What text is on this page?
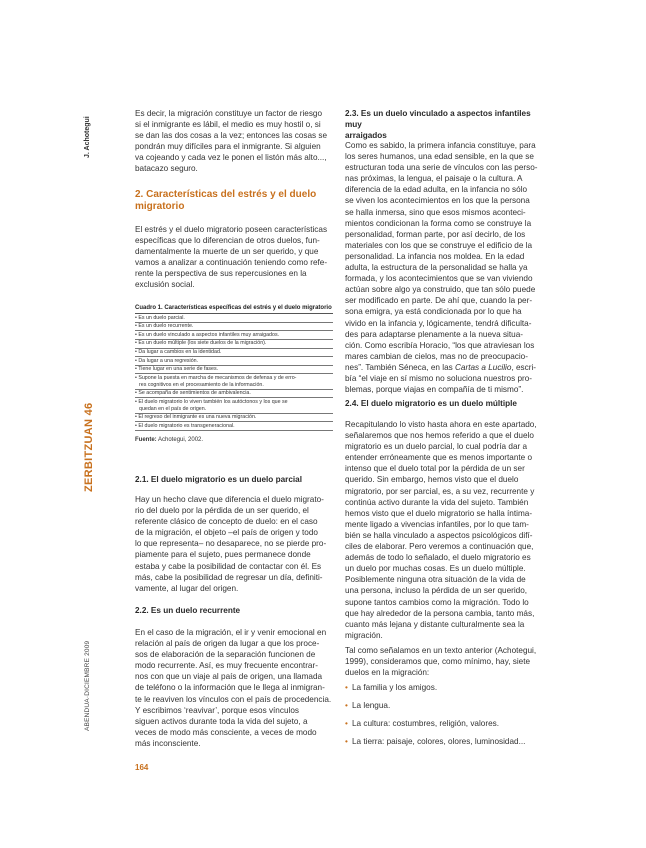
J. Achotegui
ZERBITZUAN 46
ABENDUA·DICIEMBRE 2009

Es decir, la migración constituye un factor de riesgo

si el inmigrante es lábil, el medio es muy hostil o, si

se dan las dos cosas a la vez; entonces las cosas se

pondrán muy difíciles para el inmigrante. Si alguien

va cojeando y cada vez le ponen el listón más alto...,

batacazo seguro.

2. Características del estrés y el duelo

migratorio

El estrés y el duelo migratorio poseen características

específicas que lo diferencian de otros duelos, fun-

damentalmente la muerte de un ser querido, y que

vamos a analizar a continuación teniendo como refe-

rente la perspectiva de sus repercusiones en la

exclusión social.

Cuadro 1. Características específicas del estrés y el duelo migratorio
• Es un duelo parcial.
• Es un duelo recurrente.
• Es un duelo vinculado a aspectos infantiles muy arraigados.
• Es un duelo múltiple (los siete duelos de la migración).
• Da lugar a cambios en la identidad.
• Da lugar a una regresión.
• Tiene lugar en una serie de fases.
• Supone la puesta en marcha de mecanismos de defensa y de erro-
res cognitivos en el procesamiento de la información.
• Se acompaña de sentimientos de ambivalencia.
• El duelo migratorio lo viven también los autóctonos y los que se
quedan en el país de origen.
• El regreso del inmigrante es una nueva migración.
• El duelo migratorio es transgeneracional.
Fuente: Achotegui, 2002.
2.1. El duelo migratorio es un duelo parcial

Hay un hecho clave que diferencia el duelo migrato-

rio del duelo por la pérdida de un ser querido, el

referente clásico de concepto de duelo: en el caso

de la migración, el objeto –el país de origen y todo

lo que representa– no desaparece, no se pierde pro-

piamente para el sujeto, pues permanece donde

estaba y cabe la posibilidad de contactar con él. Es

más, cabe la posibilidad de regresar un día, definiti-

vamente, al lugar del origen.

2.2. Es un duelo recurrente

En el caso de la migración, el ir y venir emocional en

relación al país de origen da lugar a que los proce-

sos de elaboración de la separación funcionen de

modo recurrente. Así, es muy frecuente encontrar-

nos con que un viaje al país de origen, una llamada

de teléfono o la información que le llega al inmigran-

te le reaviven los vínculos con el país de procedencia.

Y escribimos ‘reavivar’, porque esos vínculos

siguen activos durante toda la vida del sujeto, a

veces de modo más consciente, a veces de modo

más inconsciente.

2.3. Es un duelo vinculado a aspectos infantiles muy

arraigados

Como es sabido, la primera infancia constituye, para

los seres humanos, una edad sensible, en la que se

estructuran toda una serie de vínculos con las perso-

nas próximas, la lengua, el paisaje o la cultura. A

diferencia de la edad adulta, en la infancia no sólo

se viven los acontecimientos en los que la persona

se halla inmersa, sino que esos mismos aconteci-

mientos condicionan la forma como se construye la

personalidad, forman parte, por así decirlo, de los

materiales con los que se construye el edificio de la

personalidad. La infancia nos moldea. En la edad

adulta, la estructura de la personalidad se halla ya

formada, y los acontecimientos que se van viviendo

actúan sobre algo ya construido, que tan sólo puede

ser modificado en parte. De ahí que, cuando la per-

sona emigra, ya está condicionada por lo que ha

vivido en la infancia y, lógicamente, tendrá dificulta-

des para adaptarse plenamente a la nueva situa-

ción. Como escribía Horacio, “los que atraviesan los

mares cambian de cielos, mas no de preocupacio-

nes”. También Séneca, en las Cartas a Lucilio, escri-

bía “el viaje en sí mismo no soluciona nuestros pro-

blemas, porque viajas en compañía de ti mismo”.

2.4. El duelo migratorio es un duelo múltiple

Recapitulando lo visto hasta ahora en este apartado,

señalaremos que nos hemos referido a que el duelo

migratorio es un duelo parcial, lo cual podría dar a

entender erróneamente que es menos importante o

intenso que el duelo total por la pérdida de un ser

querido. Sin embargo, hemos visto que el duelo

migratorio, por ser parcial, es, a su vez, recurrente y

continúa activo durante la vida del sujeto. También

hemos visto que el duelo migratorio se halla íntima-

mente ligado a vivencias infantiles, por lo que tam-

bién se halla vinculado a aspectos psicológicos difí-

ciles de elaborar. Pero veremos a continuación que,

además de todo lo señalado, el duelo migratorio es

un duelo por muchas cosas. Es un duelo múltiple.

Posiblemente ninguna otra situación de la vida de

una persona, incluso la pérdida de un ser querido,

supone tantos cambios como la migración. Todo lo

que hay alrededor de la persona cambia, tanto más,

cuanto más lejana y distante culturalmente sea la

migración.

Tal como señalamos en un texto anterior (Achotegui,

1999), consideramos que, como mínimo, hay, siete

duelos en la migración:

• La familia y los amigos.
• La lengua.
• La cultura: costumbres, religión, valores.
• La tierra: paisaje, colores, olores, luminosidad...
164
